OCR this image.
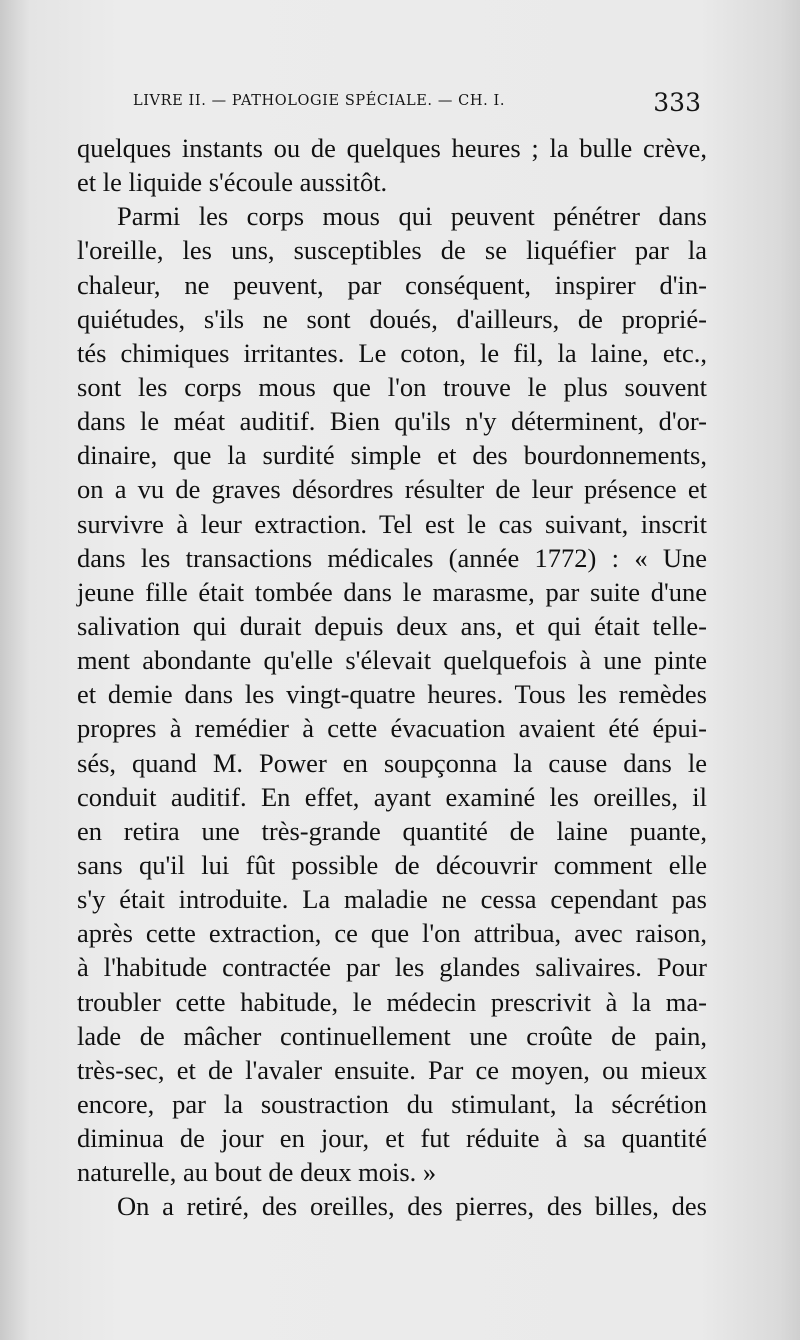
LIVRE II. — PATHOLOGIE SPÉCIALE. — CH. I.	333
quelques instants ou de quelques heures ; la bulle crève,
et le liquide s'écoule aussitôt.
Parmi les corps mous qui peuvent pénétrer dans
l'oreille, les uns, susceptibles de se liquéfier par la
chaleur, ne peuvent, par conséquent, inspirer d'in-
quiétudes, s'ils ne sont doués, d'ailleurs, de proprié-
tés chimiques irritantes. Le coton, le fil, la laine, etc.,
sont les corps mous que l'on trouve le plus souvent
dans le méat auditif. Bien qu'ils n'y déterminent, d'or-
dinaire, que la surdité simple et des bourdonnements,
on a vu de graves désordres résulter de leur présence et
survivre à leur extraction. Tel est le cas suivant, inscrit
dans les transactions médicales (année 1772) : « Une
jeune fille était tombée dans le marasme, par suite d'une
salivation qui durait depuis deux ans, et qui était telle-
ment abondante qu'elle s'élevait quelquefois à une pinte
et demie dans les vingt-quatre heures. Tous les remèdes
propres à remédier à cette évacuation avaient été épui-
sés, quand M. Power en soupçonna la cause dans le
conduit auditif. En effet, ayant examiné les oreilles, il
en retira une très-grande quantité de laine puante,
sans qu'il lui fût possible de découvrir comment elle
s'y était introduite. La maladie ne cessa cependant pas
après cette extraction, ce que l'on attribua, avec raison,
à l'habitude contractée par les glandes salivaires. Pour
troubler cette habitude, le médecin prescrivit à la ma-
lade de mâcher continuellement une croûte de pain,
très-sec, et de l'avaler ensuite. Par ce moyen, ou mieux
encore, par la soustraction du stimulant, la sécrétion
diminua de jour en jour, et fut réduite à sa quantité
naturelle, au bout de deux mois. »
On a retiré, des oreilles, des pierres, des billes, des
